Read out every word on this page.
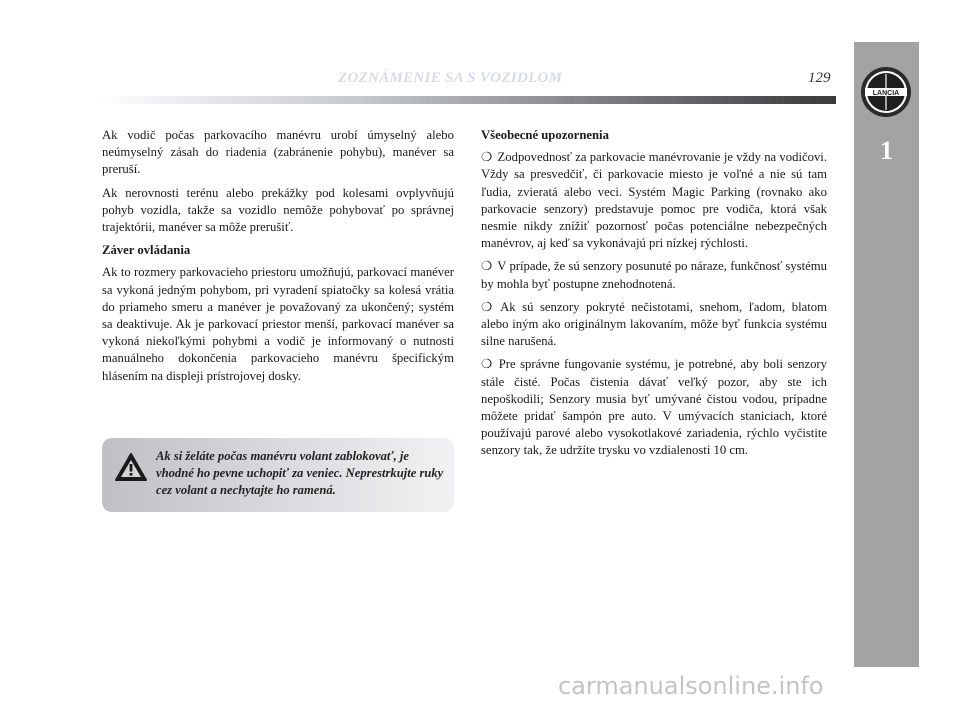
ZOZNÁMENIE SA S VOZIDLOM	129
LANCIA
1

Ak vodič počas parkovacího manévru urobí úmyselný alebo neúmyselný zásah do riadenia (zabránenie pohybu), manéver sa preruší.

Ak nerovnosti terénu alebo prekážky pod kolesami ovplyvňujú pohyb vozidla, takže sa vozidlo nemôže pohybovať po správnej trajektórii, manéver sa môže prerušiť.

Záver ovládania

Ak to rozmery parkovacieho priestoru umožňujú, parkovací manéver sa vykoná jedným pohybom, pri vyradení spiatočky sa kolesá vrátia do priameho smeru a manéver je považovaný za ukončený; systém sa deaktivuje. Ak je parkovací priestor menší, parkovací manéver sa vykoná niekoľkými pohybmi a vodič je informovaný o nutnosti manuálneho dokončenia parkovacieho manévru špecifickým hlásením na displeji prístrojovej dosky.

Ak si želáte počas manévru volant zablokovať, je vhodné ho pevne uchopiť za veniec. Neprestrkujte ruky cez volant a nechytajte ho ramená.
Všeobecné upozornenia

❍ Zodpovednosť za parkovacie manévrovanie je vždy na vodičovi. Vždy sa presvedčiť, či parkovacie miesto je voľné a nie sú tam ľudia, zvieratá alebo veci. Systém Magic Parking (rovnako ako parkovacie senzory) predstavuje pomoc pre vodiča, ktorá však nesmie nikdy znížiť pozornosť počas potenciálne nebezpečných manévrov, aj keď sa vykonávajú pri nízkej rýchlosti.

❍ V prípade, že sú senzory posunuté po náraze, funkčnosť systému by mohla byť postupne znehodnotená.

❍ Ak sú senzory pokryté nečistotami, snehom, ľadom, blatom alebo iným ako originálnym lakovaním, môže byť funkcia systému silne narušená.

❍ Pre správne fungovanie systému, je potrebné, aby boli senzory stále čisté. Počas čistenia dávať veľký pozor, aby ste ich nepoškodili; Senzory musia byť umývané čistou vodou, prípadne môžete pridať šampón pre auto. V umývacích staniciach, ktoré používajú parové alebo vysokotlakové zariadenia, rýchlo vyčistite senzory tak, že udržíte trysku vo vzdialenosti 10 cm.

carmanualsonline.info
